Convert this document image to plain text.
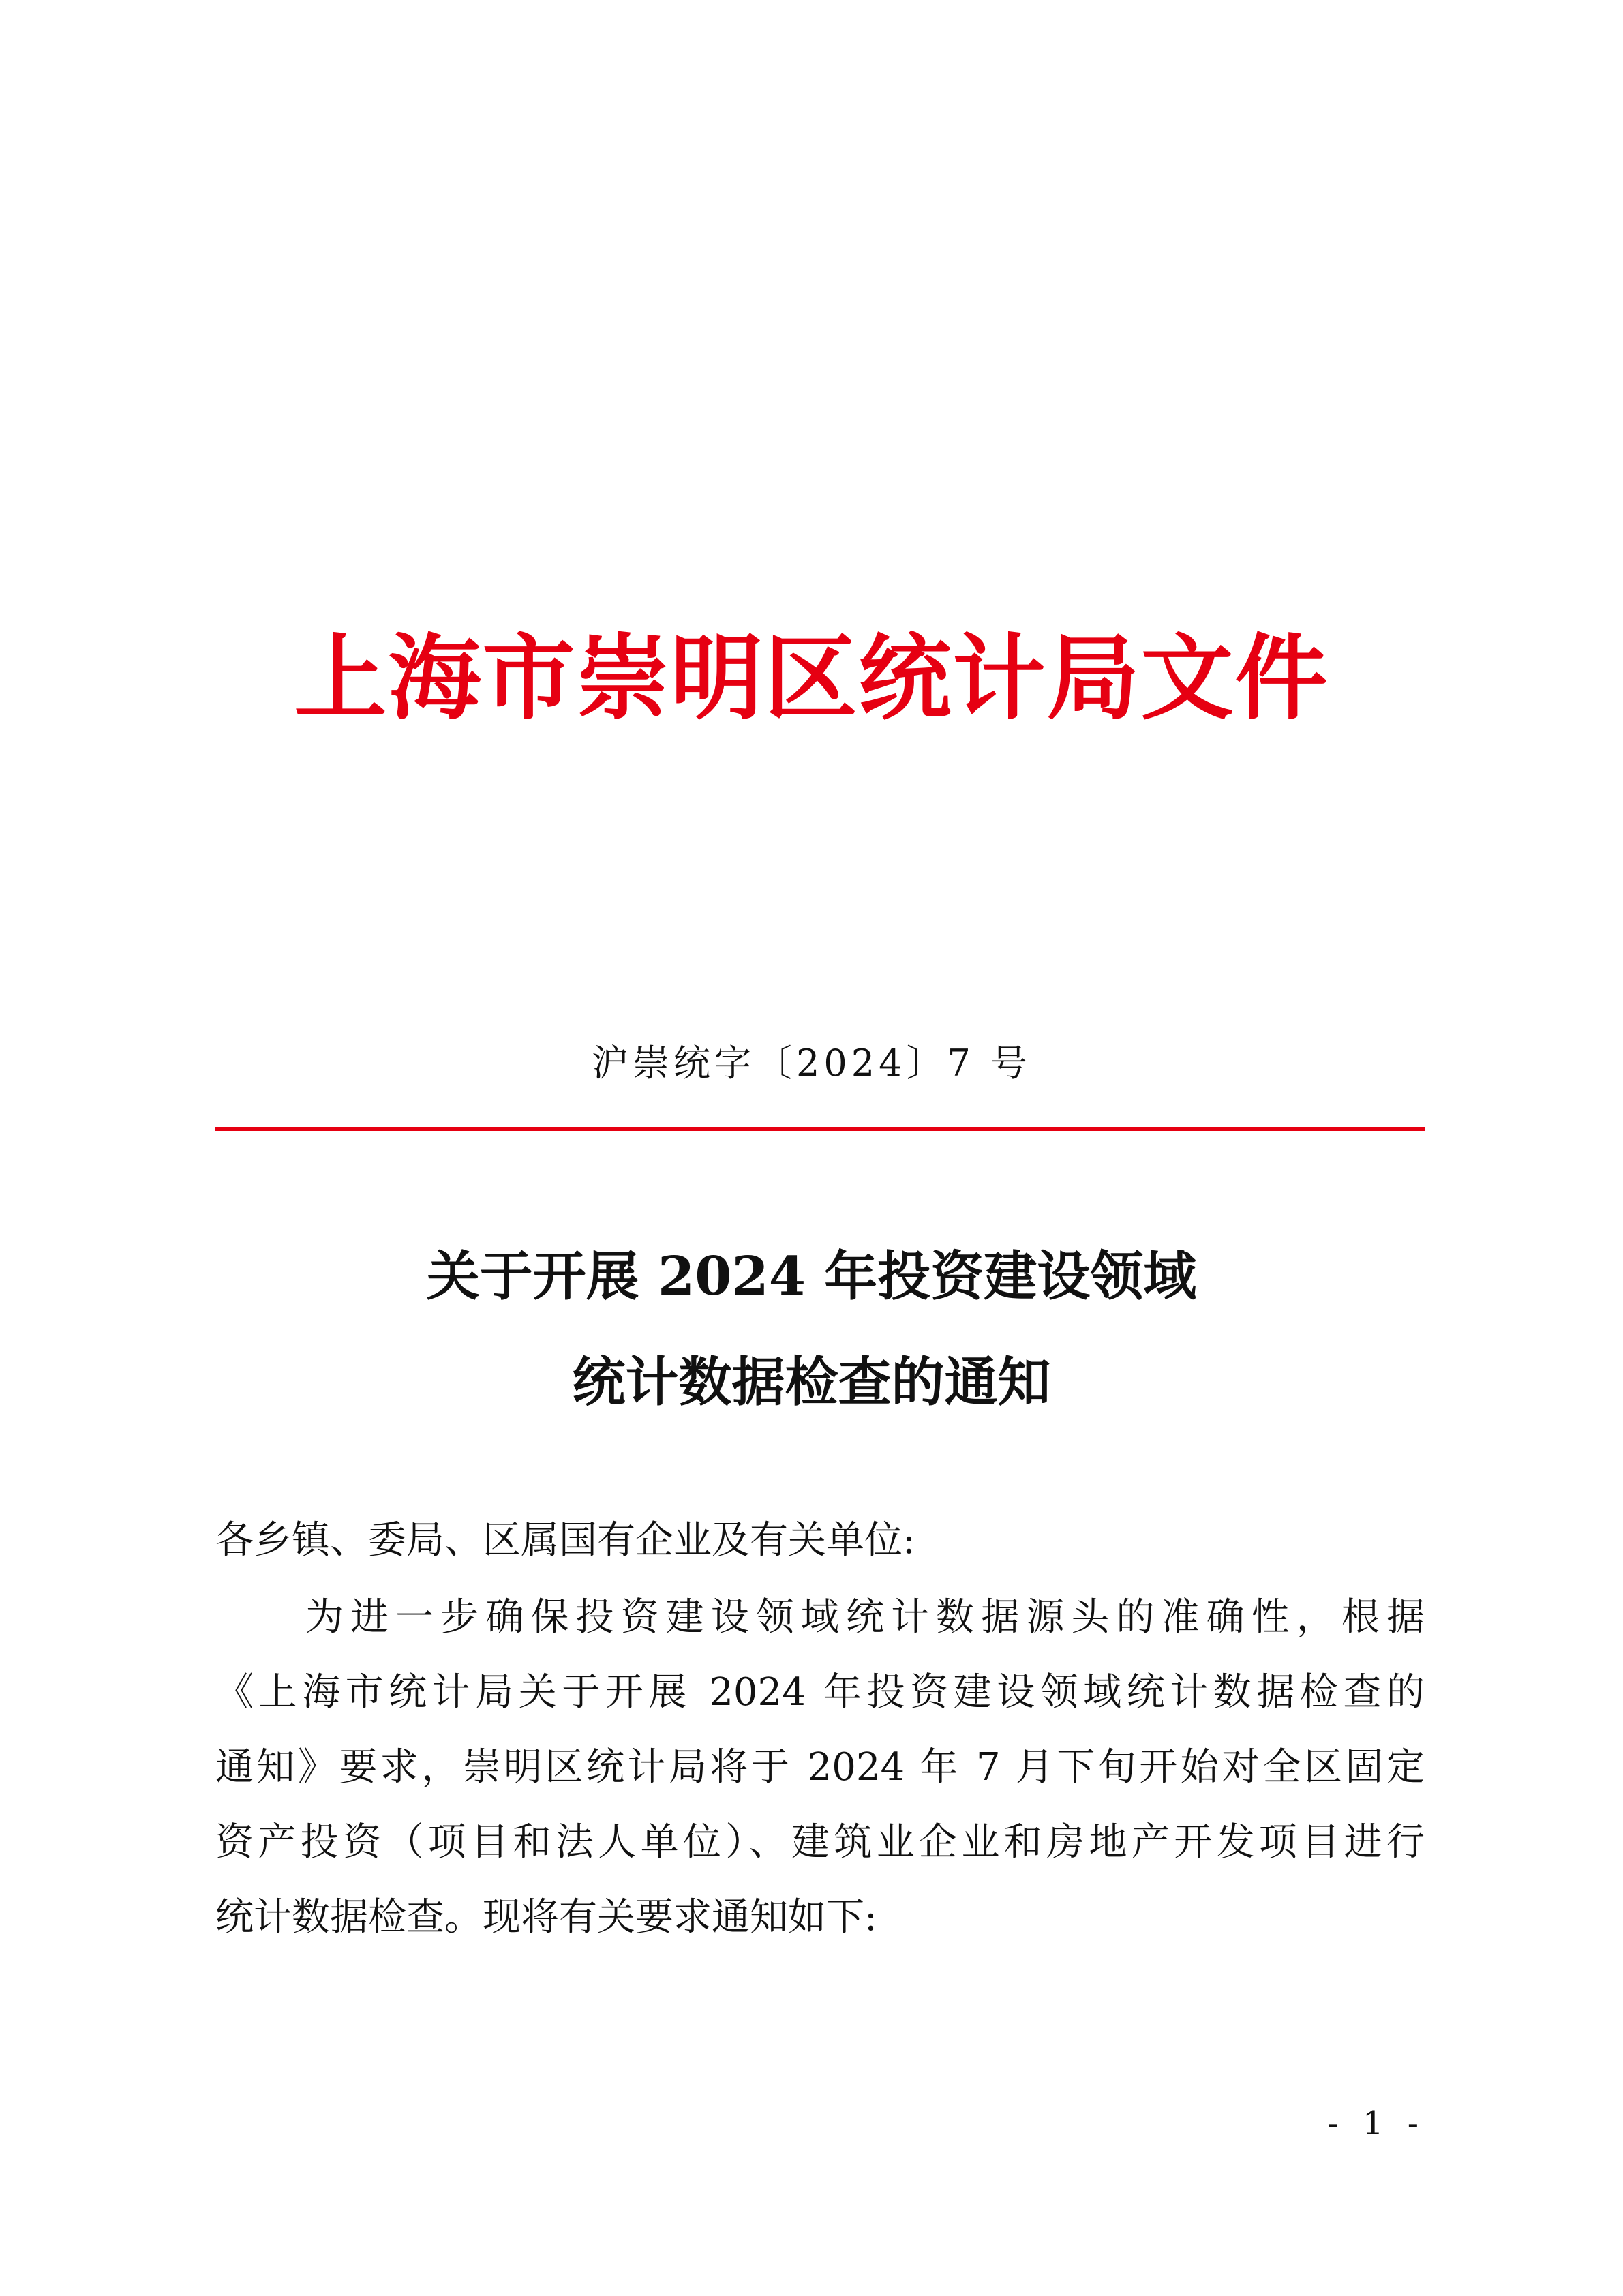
上海市崇明区统计局文件
沪崇统字〔2024〕7 号
关于开展 2024 年投资建设领域
统计数据检查的通知
各乡镇、委局、区属国有企业及有关单位:
为进一步确保投资建设领域统计数据源头的准确性，根据
《上海市统计局关于开展 2024 年投资建设领域统计数据检查的
通知》要求，崇明区统计局将于 2024 年 7 月下旬开始对全区固定
资产投资（项目和法人单位）、建筑业企业和房地产开发项目进行
统计数据检查。现将有关要求通知如下:
- 1 -
